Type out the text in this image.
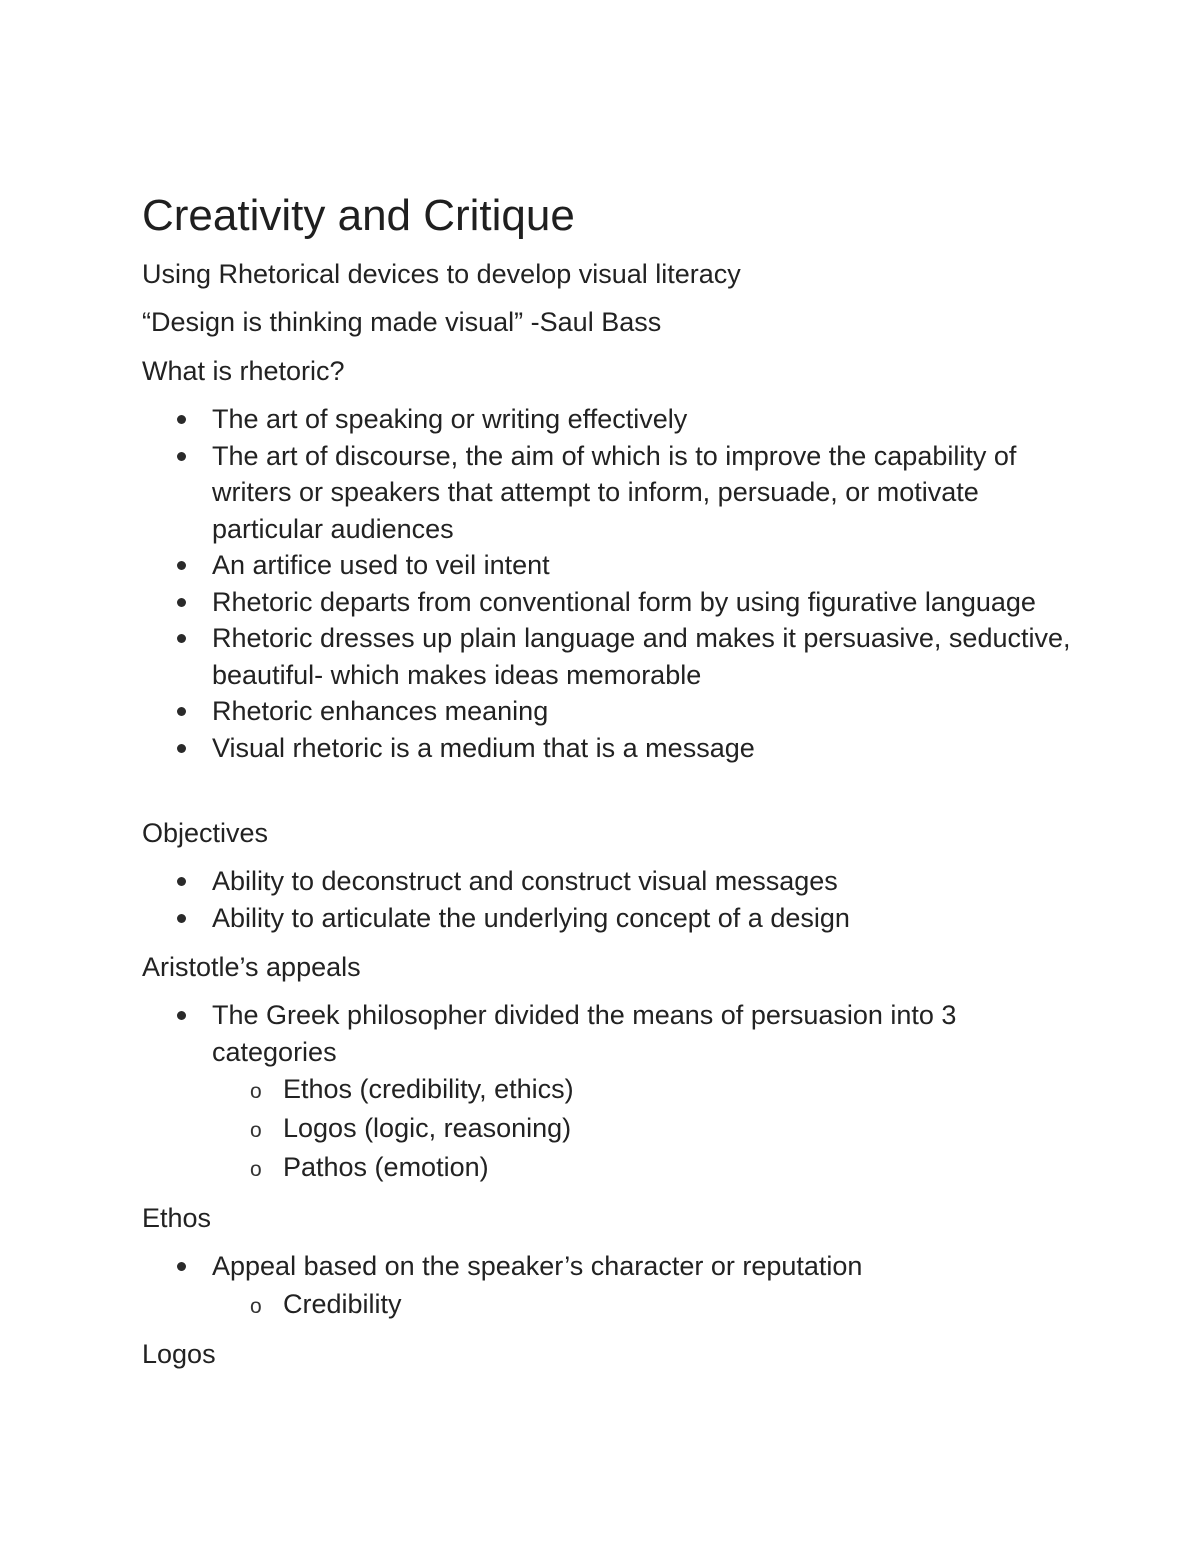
Creativity and Critique

Using Rhetorical devices to develop visual literacy

“Design is thinking made visual” -Saul Bass

What is rhetoric?

The art of speaking or writing effectively
The art of discourse, the aim of which is to improve the capability of writers or speakers that attempt to inform, persuade, or motivate particular audiences
An artifice used to veil intent
Rhetoric departs from conventional form by using figurative language
Rhetoric dresses up plain language and makes it persuasive, seductive, beautiful- which makes ideas memorable
Rhetoric enhances meaning
Visual rhetoric is a medium that is a message

Objectives

Ability to deconstruct and construct visual messages
Ability to articulate the underlying concept of a design

Aristotle’s appeals

The Greek philosopher divided the means of persuasion into 3 categories
o Ethos (credibility, ethics)
o Logos (logic, reasoning)
o Pathos (emotion)

Ethos

Appeal based on the speaker’s character or reputation
o Credibility

Logos
